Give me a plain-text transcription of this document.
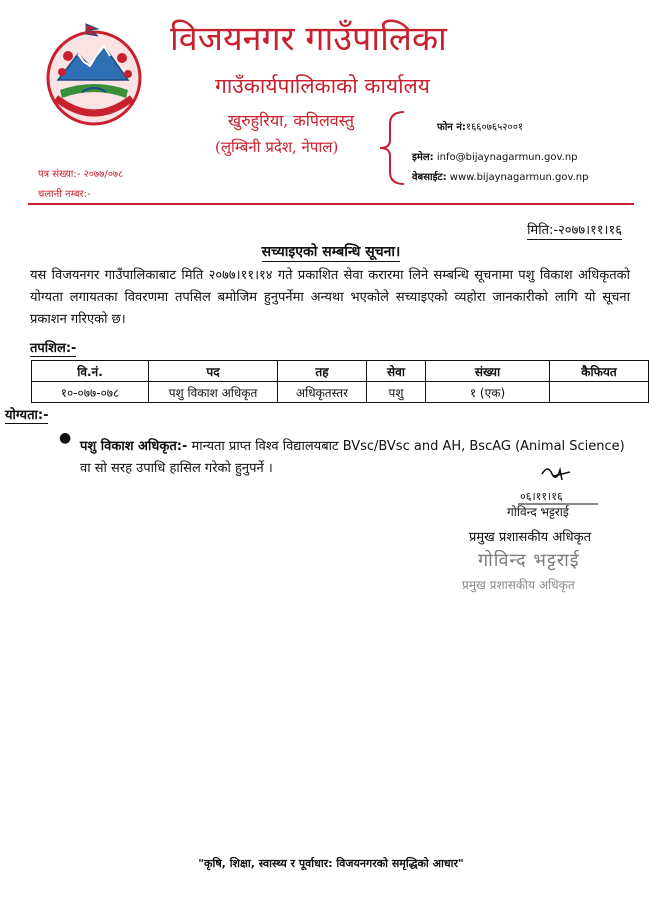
विजयनगर गाउँपालिका
गाउँकार्यपालिकाको कार्यालय
खुरुहुरिया, कपिलवस्तु
(लुम्बिनी प्रदेश, नेपाल)
फोन नं:१६६०७६५२००१
इमेल: info@bijaynagarmun.gov.np
वेबसाईट: www.bijaynagarmun.gov.np
पत्र संख्या:- २०७७/०७८
चलानी नम्बर:-
मिति:-२०७७।११।१६
सच्याइएको सम्बन्धि सूचना।
यस विजयनगर गाउँपालिकाबाट मिति २०७७।११।१४ गते प्रकाशित सेवा करारमा लिने सम्बन्धि सूचनामा पशु विकाश अधिकृतको योग्यता लगायतका विवरणमा तपसिल बमोजिम हुनुपर्नेमा अन्यथा भएकोले सच्याइएको व्यहोरा जानकारीको लागि यो सूचना प्रकाशन गरिएको छ।
तपशिल:-
वि.नं.	पद	तह	सेवा	संख्या	कैफियत
१०-०७७-०७८	पशु विकाश अधिकृत	अधिकृतस्तर	पशु	१ (एक)	
योग्यता:-
●
पशु विकाश अधिकृत:- मान्यता प्राप्त विश्व विद्यालयबाट BVsc/BVsc and AH, BscAG (Animal Science) वा सो सरह उपाधि हासिल गरेको हुनुपर्ने ।
०६।११।१६
गोविन्द भट्टराई
प्रमुख प्रशासकीय अधिकृत
गोविन्द भट्टराई
प्रमुख प्रशासकीय अधिकृत
"कृषि, शिक्षा, स्वास्थ्य र पूर्वाधार: विजयनगरको समृद्धिको आधार"
